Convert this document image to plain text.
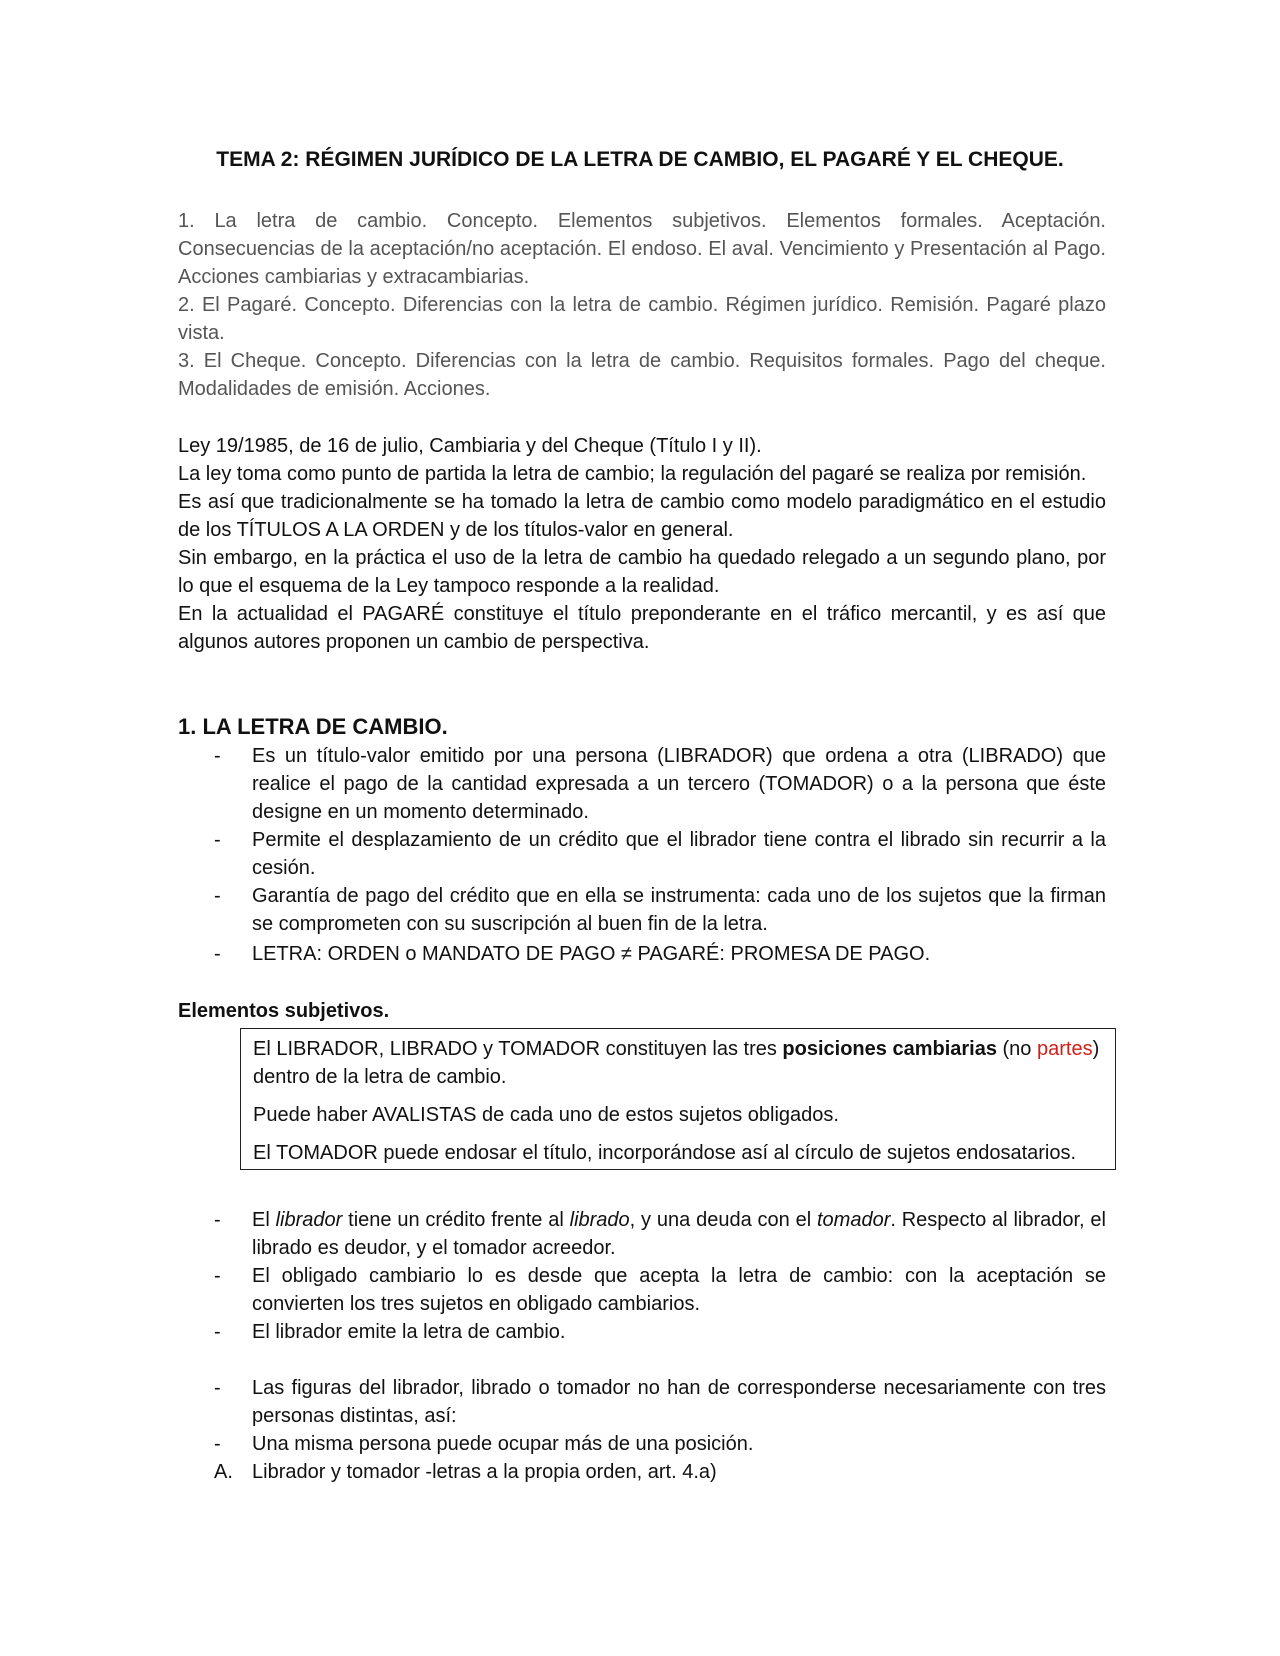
TEMA 2: RÉGIMEN JURÍDICO DE LA LETRA DE CAMBIO, EL PAGARÉ Y EL CHEQUE.

1. La letra de cambio. Concepto. Elementos subjetivos. Elementos formales. Aceptación. Consecuencias de la aceptación/no aceptación. El endoso. El aval. Vencimiento y Presentación al Pago. Acciones cambiarias y extracambiarias.

2. El Pagaré. Concepto. Diferencias con la letra de cambio. Régimen jurídico. Remisión. Pagaré plazo vista.

3. El Cheque. Concepto. Diferencias con la letra de cambio. Requisitos formales. Pago del cheque. Modalidades de emisión. Acciones.

Ley 19/1985, de 16 de julio, Cambiaria y del Cheque (Título I y II).

La ley toma como punto de partida la letra de cambio; la regulación del pagaré se realiza por remisión.

Es así que tradicionalmente se ha tomado la letra de cambio como modelo paradigmático en el estudio de los TÍTULOS A LA ORDEN y de los títulos-valor en general.

Sin embargo, en la práctica el uso de la letra de cambio ha quedado relegado a un segundo plano, por lo que el esquema de la Ley tampoco responde a la realidad.

En la actualidad el PAGARÉ constituye el título preponderante en el tráfico mercantil, y es así que algunos autores proponen un cambio de perspectiva.

1. LA LETRA DE CAMBIO.
-	Es un título-valor emitido por una persona (LIBRADOR) que ordena a otra (LIBRADO) que realice el pago de la cantidad expresada a un tercero (TOMADOR) o a la persona que éste designe en un momento determinado.
-	Permite el desplazamiento de un crédito que el librador tiene contra el librado sin recurrir a la cesión.
-	Garantía de pago del crédito que en ella se instrumenta: cada uno de los sujetos que la firman se comprometen con su suscripción al buen fin de la letra.
-	LETRA: ORDEN o MANDATO DE PAGO ≠ PAGARÉ: PROMESA DE PAGO.
Elementos subjetivos.

El LIBRADOR, LIBRADO y TOMADOR constituyen las tres posiciones cambiarias (no partes) dentro de la letra de cambio.

Puede haber AVALISTAS de cada uno de estos sujetos obligados.

El TOMADOR puede endosar el título, incorporándose así al círculo de sujetos endosatarios.

-	El librador tiene un crédito frente al librado, y una deuda con el tomador. Respecto al librador, el librado es deudor, y el tomador acreedor.
-	El obligado cambiario lo es desde que acepta la letra de cambio: con la aceptación se convierten los tres sujetos en obligado cambiarios.
-	El librador emite la letra de cambio.
-	Las figuras del librador, librado o tomador no han de corresponderse necesariamente con tres personas distintas, así:
-	Una misma persona puede ocupar más de una posición.
A. Librador y tomador -letras a la propia orden, art. 4.a)
